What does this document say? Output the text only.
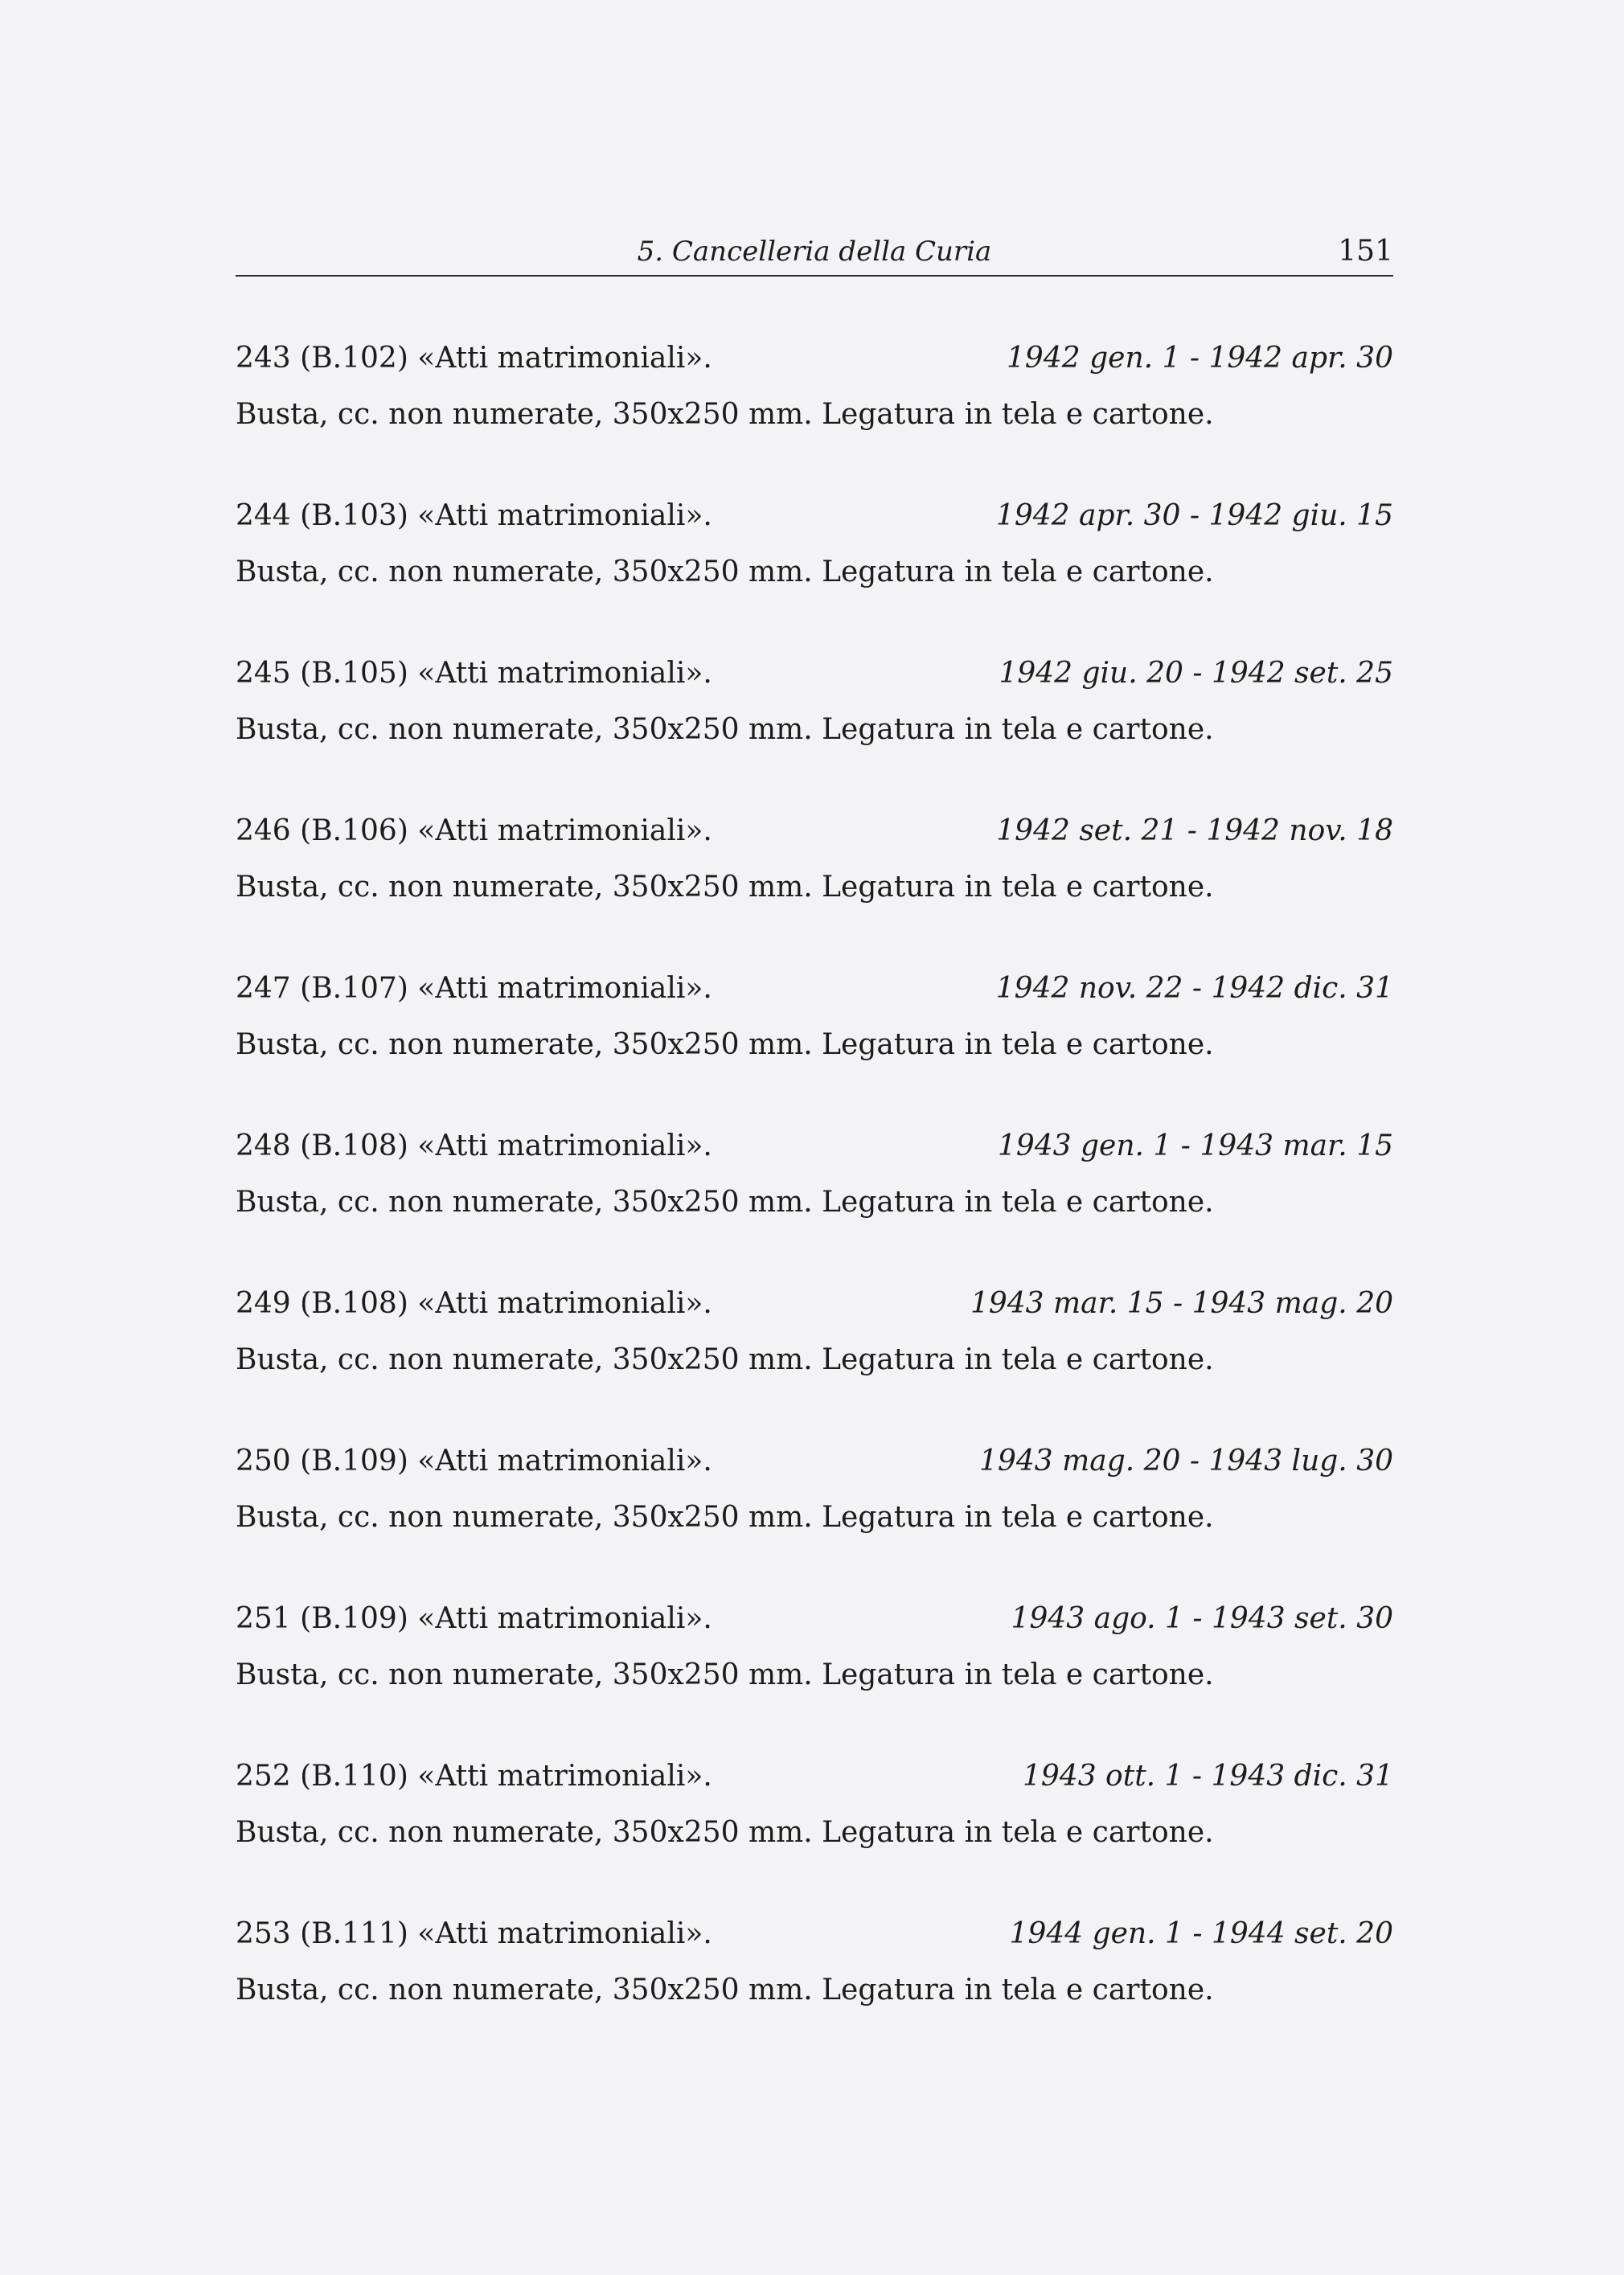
5. Cancelleria della Curia	151
243 (B.102) «Atti matrimoniali».	1942 gen. 1 - 1942 apr. 30
Busta, cc. non numerate, 350x250 mm. Legatura in tela e cartone.
244 (B.103) «Atti matrimoniali».	1942 apr. 30 - 1942 giu. 15
Busta, cc. non numerate, 350x250 mm. Legatura in tela e cartone.
245 (B.105) «Atti matrimoniali».	1942 giu. 20 - 1942 set. 25
Busta, cc. non numerate, 350x250 mm. Legatura in tela e cartone.
246 (B.106) «Atti matrimoniali».	1942 set. 21 - 1942 nov. 18
Busta, cc. non numerate, 350x250 mm. Legatura in tela e cartone.
247 (B.107) «Atti matrimoniali».	1942 nov. 22 - 1942 dic. 31
Busta, cc. non numerate, 350x250 mm. Legatura in tela e cartone.
248 (B.108) «Atti matrimoniali».	1943 gen. 1 - 1943 mar. 15
Busta, cc. non numerate, 350x250 mm. Legatura in tela e cartone.
249 (B.108) «Atti matrimoniali».	1943 mar. 15 - 1943 mag. 20
Busta, cc. non numerate, 350x250 mm. Legatura in tela e cartone.
250 (B.109) «Atti matrimoniali».	1943 mag. 20 - 1943 lug. 30
Busta, cc. non numerate, 350x250 mm. Legatura in tela e cartone.
251 (B.109) «Atti matrimoniali».	1943 ago. 1 - 1943 set. 30
Busta, cc. non numerate, 350x250 mm. Legatura in tela e cartone.
252 (B.110) «Atti matrimoniali».	1943 ott. 1 - 1943 dic. 31
Busta, cc. non numerate, 350x250 mm. Legatura in tela e cartone.
253 (B.111) «Atti matrimoniali».	1944 gen. 1 - 1944 set. 20
Busta, cc. non numerate, 350x250 mm. Legatura in tela e cartone.
